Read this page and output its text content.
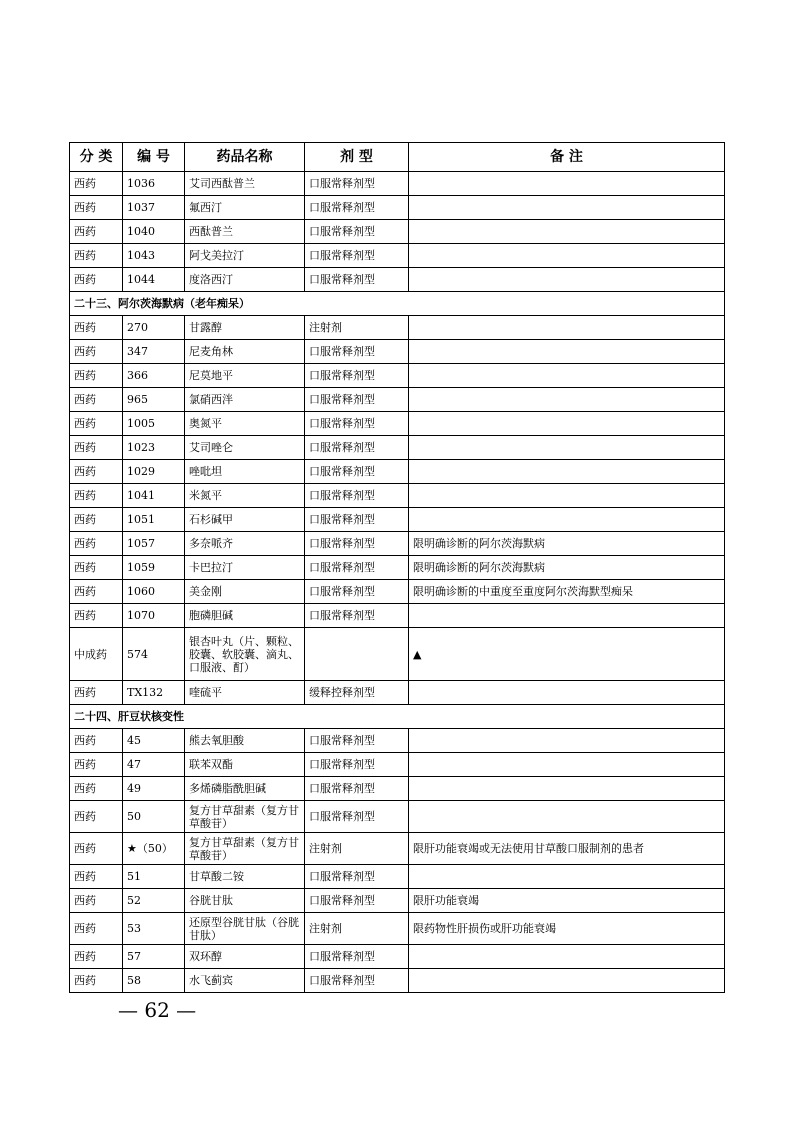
分 类	编 号	药品名称	剂 型	备 注
西药	1036	艾司西酞普兰	口服常释剂型	
西药	1037	氟西汀	口服常释剂型	
西药	1040	西酞普兰	口服常释剂型	
西药	1043	阿戈美拉汀	口服常释剂型	
西药	1044	度洛西汀	口服常释剂型	
二十三、阿尔茨海默病（老年痴呆）				
西药	270	甘露醇	注射剂	
西药	347	尼麦角林	口服常释剂型	
西药	366	尼莫地平	口服常释剂型	
西药	965	氯硝西泮	口服常释剂型	
西药	1005	奥氮平	口服常释剂型	
西药	1023	艾司唑仑	口服常释剂型	
西药	1029	唑吡坦	口服常释剂型	
西药	1041	米氮平	口服常释剂型	
西药	1051	石杉碱甲	口服常释剂型	
西药	1057	多奈哌齐	口服常释剂型	限明确诊断的阿尔茨海默病
西药	1059	卡巴拉汀	口服常释剂型	限明确诊断的阿尔茨海默病
西药	1060	美金刚	口服常释剂型	限明确诊断的中重度至重度阿尔茨海默型痴呆
西药	1070	胞磷胆碱	口服常释剂型	
中成药	574	银杏叶丸（片、颗粒、胶囊、软胶囊、滴丸、口服液、酊）		▲
西药	TX132	喹硫平	缓释控释剂型	
二十四、肝豆状核变性				
西药	45	熊去氧胆酸	口服常释剂型	
西药	47	联苯双酯	口服常释剂型	
西药	49	多烯磷脂酰胆碱	口服常释剂型	
西药	50	复方甘草甜素（复方甘草酸苷）	口服常释剂型	
西药	★（50）	复方甘草甜素（复方甘草酸苷）	注射剂	限肝功能衰竭或无法使用甘草酸口服制剂的患者
西药	51	甘草酸二铵	口服常释剂型	
西药	52	谷胱甘肽	口服常释剂型	限肝功能衰竭
西药	53	还原型谷胱甘肽（谷胱甘肽）	注射剂	限药物性肝损伤或肝功能衰竭
西药	57	双环醇	口服常释剂型	
西药	58	水飞蓟宾	口服常释剂型	
— 62 —
